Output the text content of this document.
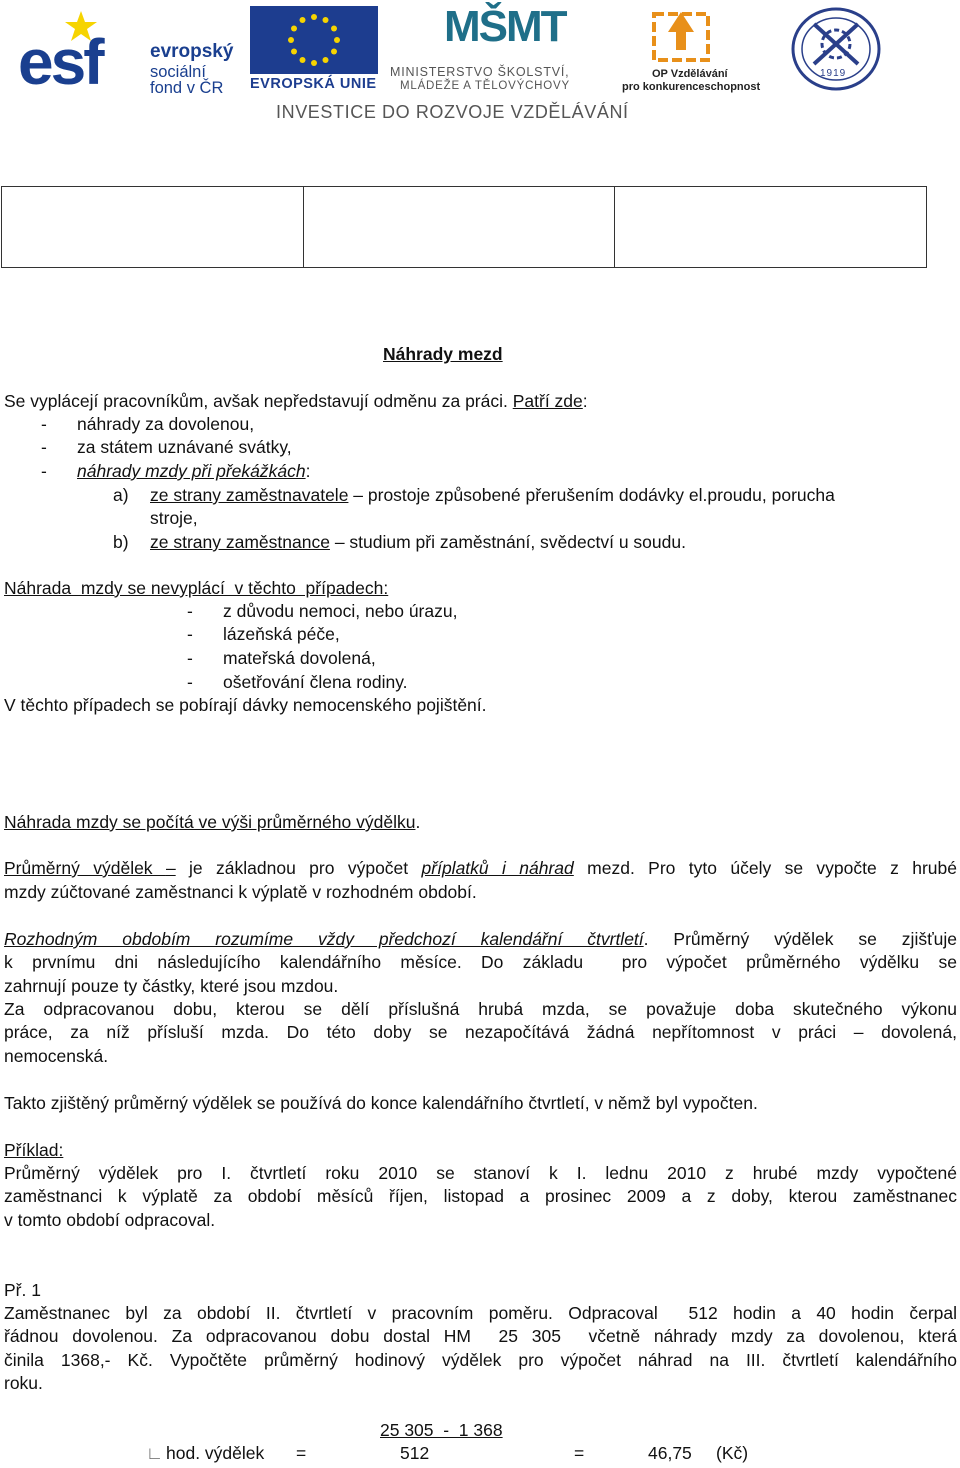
esf	evropský
sociální
fond v ČR EVROPSKÁ UNIE
MŠMT
MINISTERSTVO ŠKOLSTVÍ,
MLÁDEŽE A TĚLOVÝCHOVY
OP Vzdělávání
pro konkurenceschopnost
1919
INVESTICE DO ROZVOJE VZDĚLÁVÁNÍ

Náhrady mezd
Se vyplácejí pracovníkům, avšak nepředstavují odměnu za práci. Patří zde:
- náhrady za dovolenou,
- za státem uznávané svátky,
- náhrady mzdy při překážkách:
a) ze strany zaměstnavatele – prostoje způsobené přerušením dodávky el.proudu, porucha
stroje,
b) ze strany zaměstnance – studium při zaměstnání, svědectví u soudu.
Náhrada  mzdy se nevyplácí  v těchto  případech:
- z důvodu nemoci, nebo úrazu,
- lázeňská péče,
- mateřská dovolená,
- ošetřování člena rodiny.
V těchto případech se pobírají dávky nemocenského pojištění.
Náhrada mzdy se počítá ve výši průměrného výdělku.
Průměrný výdělek – je základnou pro výpočet příplatků i náhrad mezd. Pro tyto účely se vypočte z hrubé
mzdy zúčtované zaměstnanci k výplatě v rozhodném období.
Rozhodným obdobím rozumíme vždy předchozí kalendářní čtvrtletí. Průměrný výdělek se zjišťuje
k prvnímu dni následujícího kalendářního měsíce. Do základu  pro výpočet průměrného výdělku se
zahrnují pouze ty částky, které jsou mzdou.
Za odpracovanou dobu, kterou se dělí příslušná hrubá mzda, se považuje doba skutečného výkonu
práce, za níž přísluší mzda. Do této doby se nezapočítává žádná nepřítomnost v práci – dovolená,
nemocenská.
Takto zjištěný průměrný výdělek se používá do konce kalendářního čtvrtletí, v němž byl vypočten.
Příklad:
Průměrný výdělek pro I. čtvrtletí roku 2010 se stanoví k I. lednu 2010 z hrubé mzdy vypočtené
zaměstnanci k výplatě za období měsíců říjen, listopad a prosinec 2009 a z doby, kterou zaměstnanec
v tomto období odpracoval.
Př. 1
Zaměstnanec byl za období II. čtvrtletí v pracovním poměru. Odpracoval  512 hodin a 40 hodin čerpal
řádnou dovolenou. Za odpracovanou dobu dostal HM  25 305  včetně náhrady mzdy za dovolenou, která
činila 1368,- Kč. Vypočtěte průměrný hodinový výdělek pro výpočet náhrad na III. čtvrtletí kalendářního
roku.
25 305  -  1 368
∟ hod. výdělek =	512	=	46,75 (Kč)
